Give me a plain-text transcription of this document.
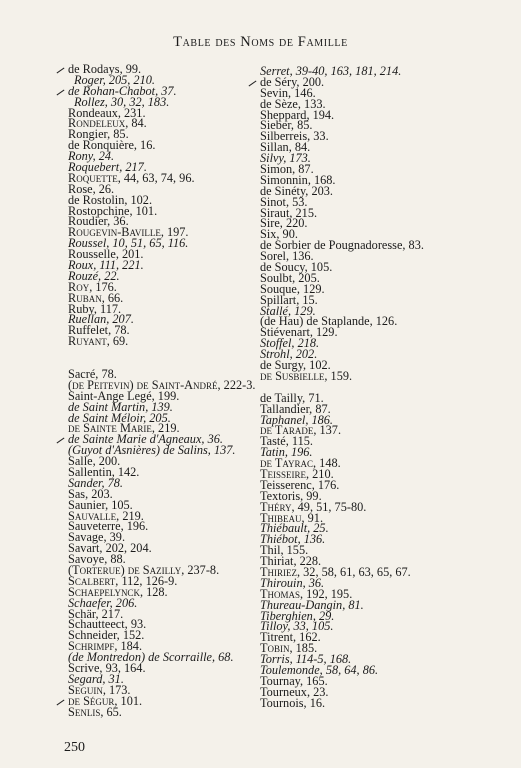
Table des Noms de Famille
de Rodays, 99.
Roger, 205, 210.
de Rohan-Chabot, 37.
Rollez, 30, 32, 183.
Rondeaux, 231.
Rondeleux, 84.
Rongier, 85.
de Ronquière, 16.
Rony, 24.
Roquebert, 217.
Roquette, 44, 63, 74, 96.
Rose, 26.
de Rostolin, 102.
Rostopchine, 101.
Roudier, 36.
Rougevin-Baville, 197.
Roussel, 10, 51, 65, 116.
Rousselle, 201.
Roux, 111, 221.
Rouzé, 22.
Roy, 176.
Ruban, 66.
Ruby, 117.
Ruellan, 207.
Ruffelet, 78.
Ruyant, 69.
Sacré, 78.
(de Peitevin) de Saint-André, 222-3.
Saint-Ange Legé, 199.
de Saint Martin, 139.
de Saint Méloir, 205.
de Sainte Marie, 219.
de Sainte Marie d'Agneaux, 36.
(Guyot d'Asnières) de Salins, 137.
Salle, 200.
Sallentin, 142.
Sander, 78.
Sas, 203.
Saunier, 105.
Sauvalle, 219.
Sauveterre, 196.
Savage, 39.
Savart, 202, 204.
Savoye, 88.
(Torterue) de Sazilly, 237-8.
Scalbert, 112, 126-9.
Schaepelynck, 128.
Schaefer, 206.
Schär, 217.
Schautteect, 93.
Schneider, 152.
Schrimpf, 184.
(de Montredon) de Scorraille, 68.
Scrive, 93, 164.
Segard, 31.
Seguin, 173.
de Ségur, 101.
Senlis, 65.
Serret, 39-40, 163, 181, 214.
de Séry, 200.
Sevin, 146.
de Sèze, 133.
Sheppard, 194.
Sieber, 85.
Silberreis, 33.
Sillan, 84.
Silvy, 173.
Simon, 87.
Simonnin, 168.
de Sinéty, 203.
Sinot, 53.
Siraut, 215.
Sire, 220.
Six, 90.
de Sorbier de Pougnadoresse, 83.
Sorel, 136.
de Soucy, 105.
Soulbt, 205.
Souque, 129.
Spillart, 15.
Stallé, 129.
(de Hau) de Staplande, 126.
Stiévenart, 129.
Stoffel, 218.
Strohl, 202.
de Surgy, 102.
de Susbielle, 159.
de Tailly, 71.
Tallandier, 87.
Taphanel, 186.
de Tarade, 137.
Tasté, 115.
Tatin, 196.
de Tayrac, 148.
Teisseire, 210.
Teisserenc, 176.
Textoris, 99.
Théry, 49, 51, 75-80.
Thibeau, 91.
Thiébault, 25.
Thiébot, 136.
Thil, 155.
Thiriat, 228.
Thiriez, 32, 58, 61, 63, 65, 67.
Thirouin, 36.
Thomas, 192, 195.
Thureau-Dangin, 81.
Tiberghien, 29.
Tilloy, 33, 105.
Titrent, 162.
Tobin, 185.
Torris, 114-5, 168.
Toulemonde, 58, 64, 86.
Tournay, 165.
Tourneux, 23.
Tournois, 16.
250
